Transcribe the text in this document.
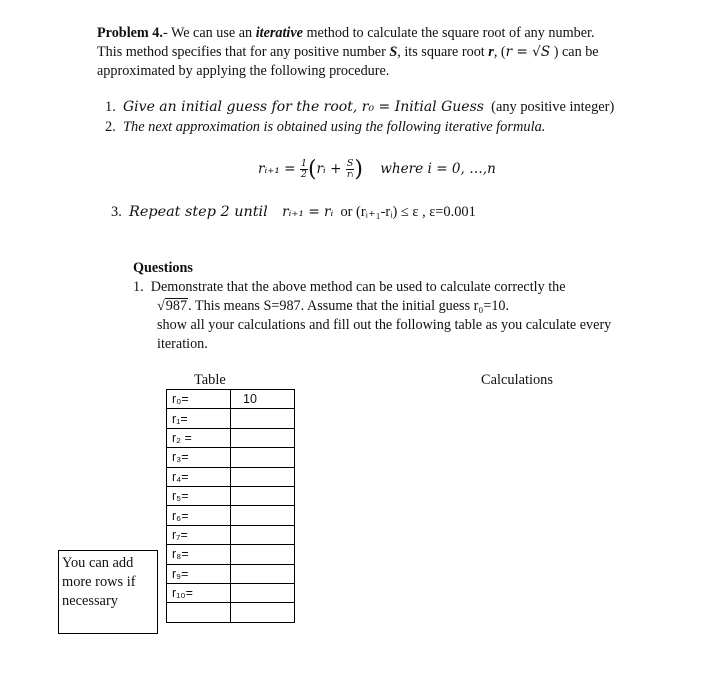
Problem 4.- We can use an iterative method to calculate the square root of any number.
This method specifies that for any positive number S, its square root r, (r = √S ) can be
approximated by applying the following procedure.
1. Give an initial guess for the root, r₀ = Initial Guess (any positive integer)
2. The next approximation is obtained using the following iterative formula.
rᵢ₊₁ = $\frac{1}{2}$ (rᵢ + $\frac{S}{\text{rᵢ}}$ ) where i = 0, …,n
3. Repeat step 2 until rᵢ₊₁ = rᵢ or (rᵢ₊₁-rᵢ) ≤ ε , ε=0.001
Questions
1. Demonstrate that the above method can be used to calculate correctly the
√987. This means S=987. Assume that the initial guess r₀=10.
show all your calculations and fill out the following table as you calculate every
iteration.
Table	Calculations
r₀=	10
r₁=	
r₂ =	
r₃=	
r₄=	
r₅=	
r₆=	
r₇=	
r₈=	
r₉=	
r₁₀=	

You can add more rows if necessary
